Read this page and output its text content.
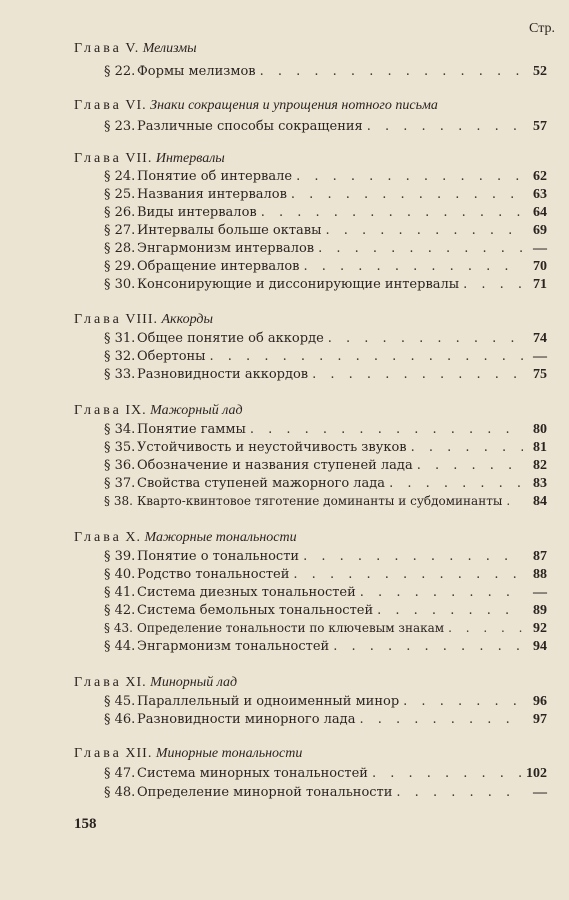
Стр.
Глава V. Мелизмы
§ 22. Формы мелизмов . . .	52
Глава VI. Знаки сокращения и упрощения нотного письма
§ 23. Различные способы сокращения . . .	57
Глава VII. Интервалы
§ 24. Понятие об интервале . . .	62
§ 25. Названия интервалов . . .	63
§ 26. Виды интервалов . . .	64
§ 27. Интервалы больше октавы . . .	69
§ 28. Энгармонизм интервалов . . .	—
§ 29. Обращение интервалов . . .	70
§ 30. Консонирующие и диссонирующие интервалы . . .	71
Глава VIII. Аккорды
§ 31. Общее понятие об аккорде . . .	74
§ 32. Обертоны . . .	—
§ 33. Разновидности аккордов . . .	75
Глава IX. Мажорный лад
§ 34. Понятие гаммы . . .	80
§ 35. Устойчивость и неустойчивость звуков . . .	81
§ 36. Обозначение и названия ступеней лада . . .	82
§ 37. Свойства ступеней мажорного лада . . .	83
§ 38. Кварто-квинтовое тяготение доминанты и субдоминанты . . .	84
Глава X. Мажорные тональности
§ 39. Понятие о тональности . . .	87
§ 40. Родство тональностей . . .	88
§ 41. Система диезных тональностей . . .	—
§ 42. Система бемольных тональностей . . .	89
§ 43. Определение тональности по ключевым знакам . . .	92
§ 44. Энгармонизм тональностей . . .	94
Глава XI. Минорный лад
§ 45. Параллельный и одноименный минор . . .	96
§ 46. Разновидности минорного лада . . .	97
Глава XII. Минорные тональности
§ 47. Система минорных тональностей . . .	102
§ 48. Определение минорной тональности . . .	—
158
